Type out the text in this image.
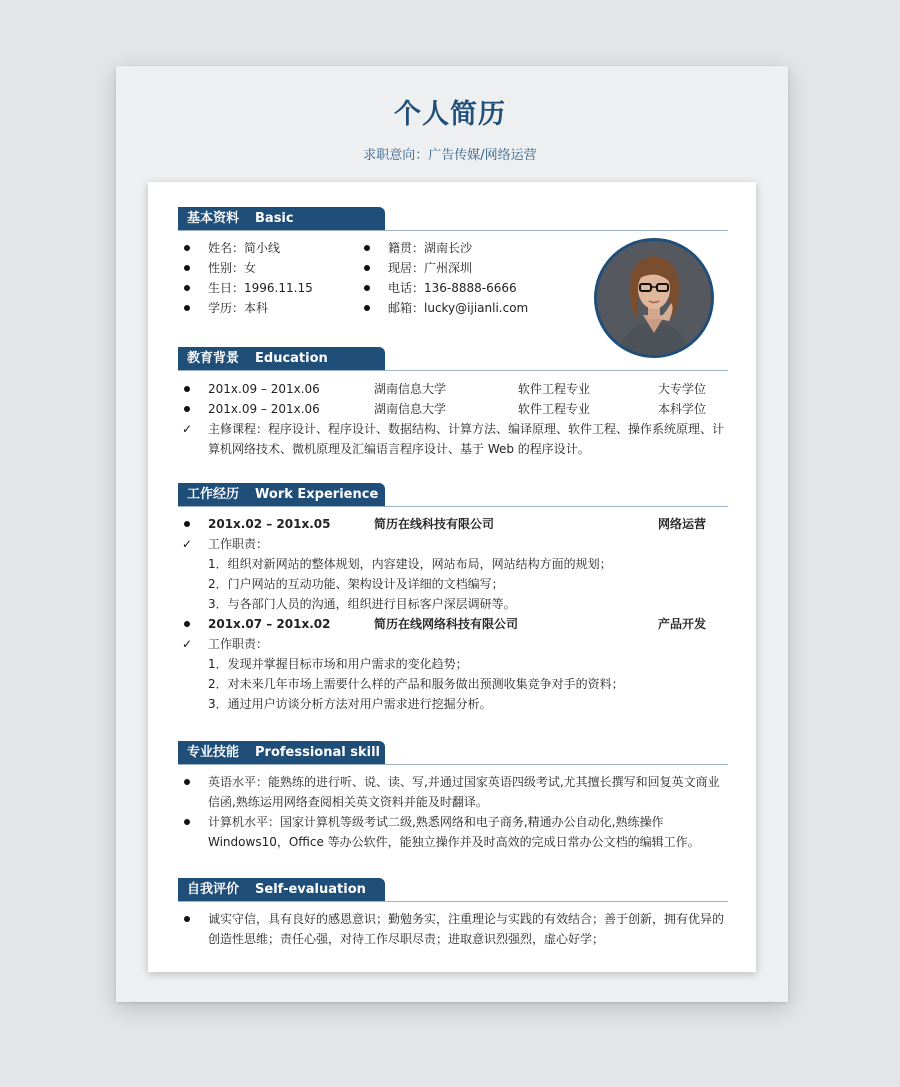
个人简历
求职意向：广告传媒/网络运营
基本资料 Basic
姓名：简小线
性别：女
生日：1996.11.15
学历：本科
籍贯：湖南长沙
现居：广州深圳
电话：136-8888-6666
邮箱：lucky@ijianli.com
教育背景 Education
201x.09 – 201x.06	湖南信息大学	软件工程专业	大专学位
201x.09 – 201x.06	湖南信息大学	软件工程专业	本科学位
✓ 主修课程：程序设计、程序设计、数据结构、计算方法、编译原理、软件工程、操作系统原理、计算机网络技术、微机原理及汇编语言程序设计、基于 Web 的程序设计。
工作经历 Work Experience
201x.02 – 201x.05	简历在线科技有限公司	网络运营
✓ 工作职责：
1．组织对新网站的整体规划，内容建设，网站布局，网站结构方面的规划；
2．门户网站的互动功能、架构设计及详细的文档编写；
3．与各部门人员的沟通，组织进行目标客户深层调研等。
201x.07 – 201x.02	简历在线网络科技有限公司	产品开发
✓ 工作职责：
1．发现并掌握目标市场和用户需求的变化趋势；
2．对未来几年市场上需要什么样的产品和服务做出预测收集竞争对手的资料；
3．通过用户访谈分析方法对用户需求进行挖掘分析。
专业技能 Professional skill
英语水平：能熟练的进行听、说、读、写,并通过国家英语四级考试,尤其擅长撰写和回复英文商业信函,熟练运用网络查阅相关英文资料并能及时翻译。
计算机水平：国家计算机等级考试二级,熟悉网络和电子商务,精通办公自动化,熟练操作 Windows10，Office 等办公软件，能独立操作并及时高效的完成日常办公文档的编辑工作。
自我评价 Self-evaluation
诚实守信，具有良好的感恩意识；勤勉务实，注重理论与实践的有效结合；善于创新，拥有优异的创造性思维；责任心强，对待工作尽职尽责；进取意识烈强烈，虚心好学；
